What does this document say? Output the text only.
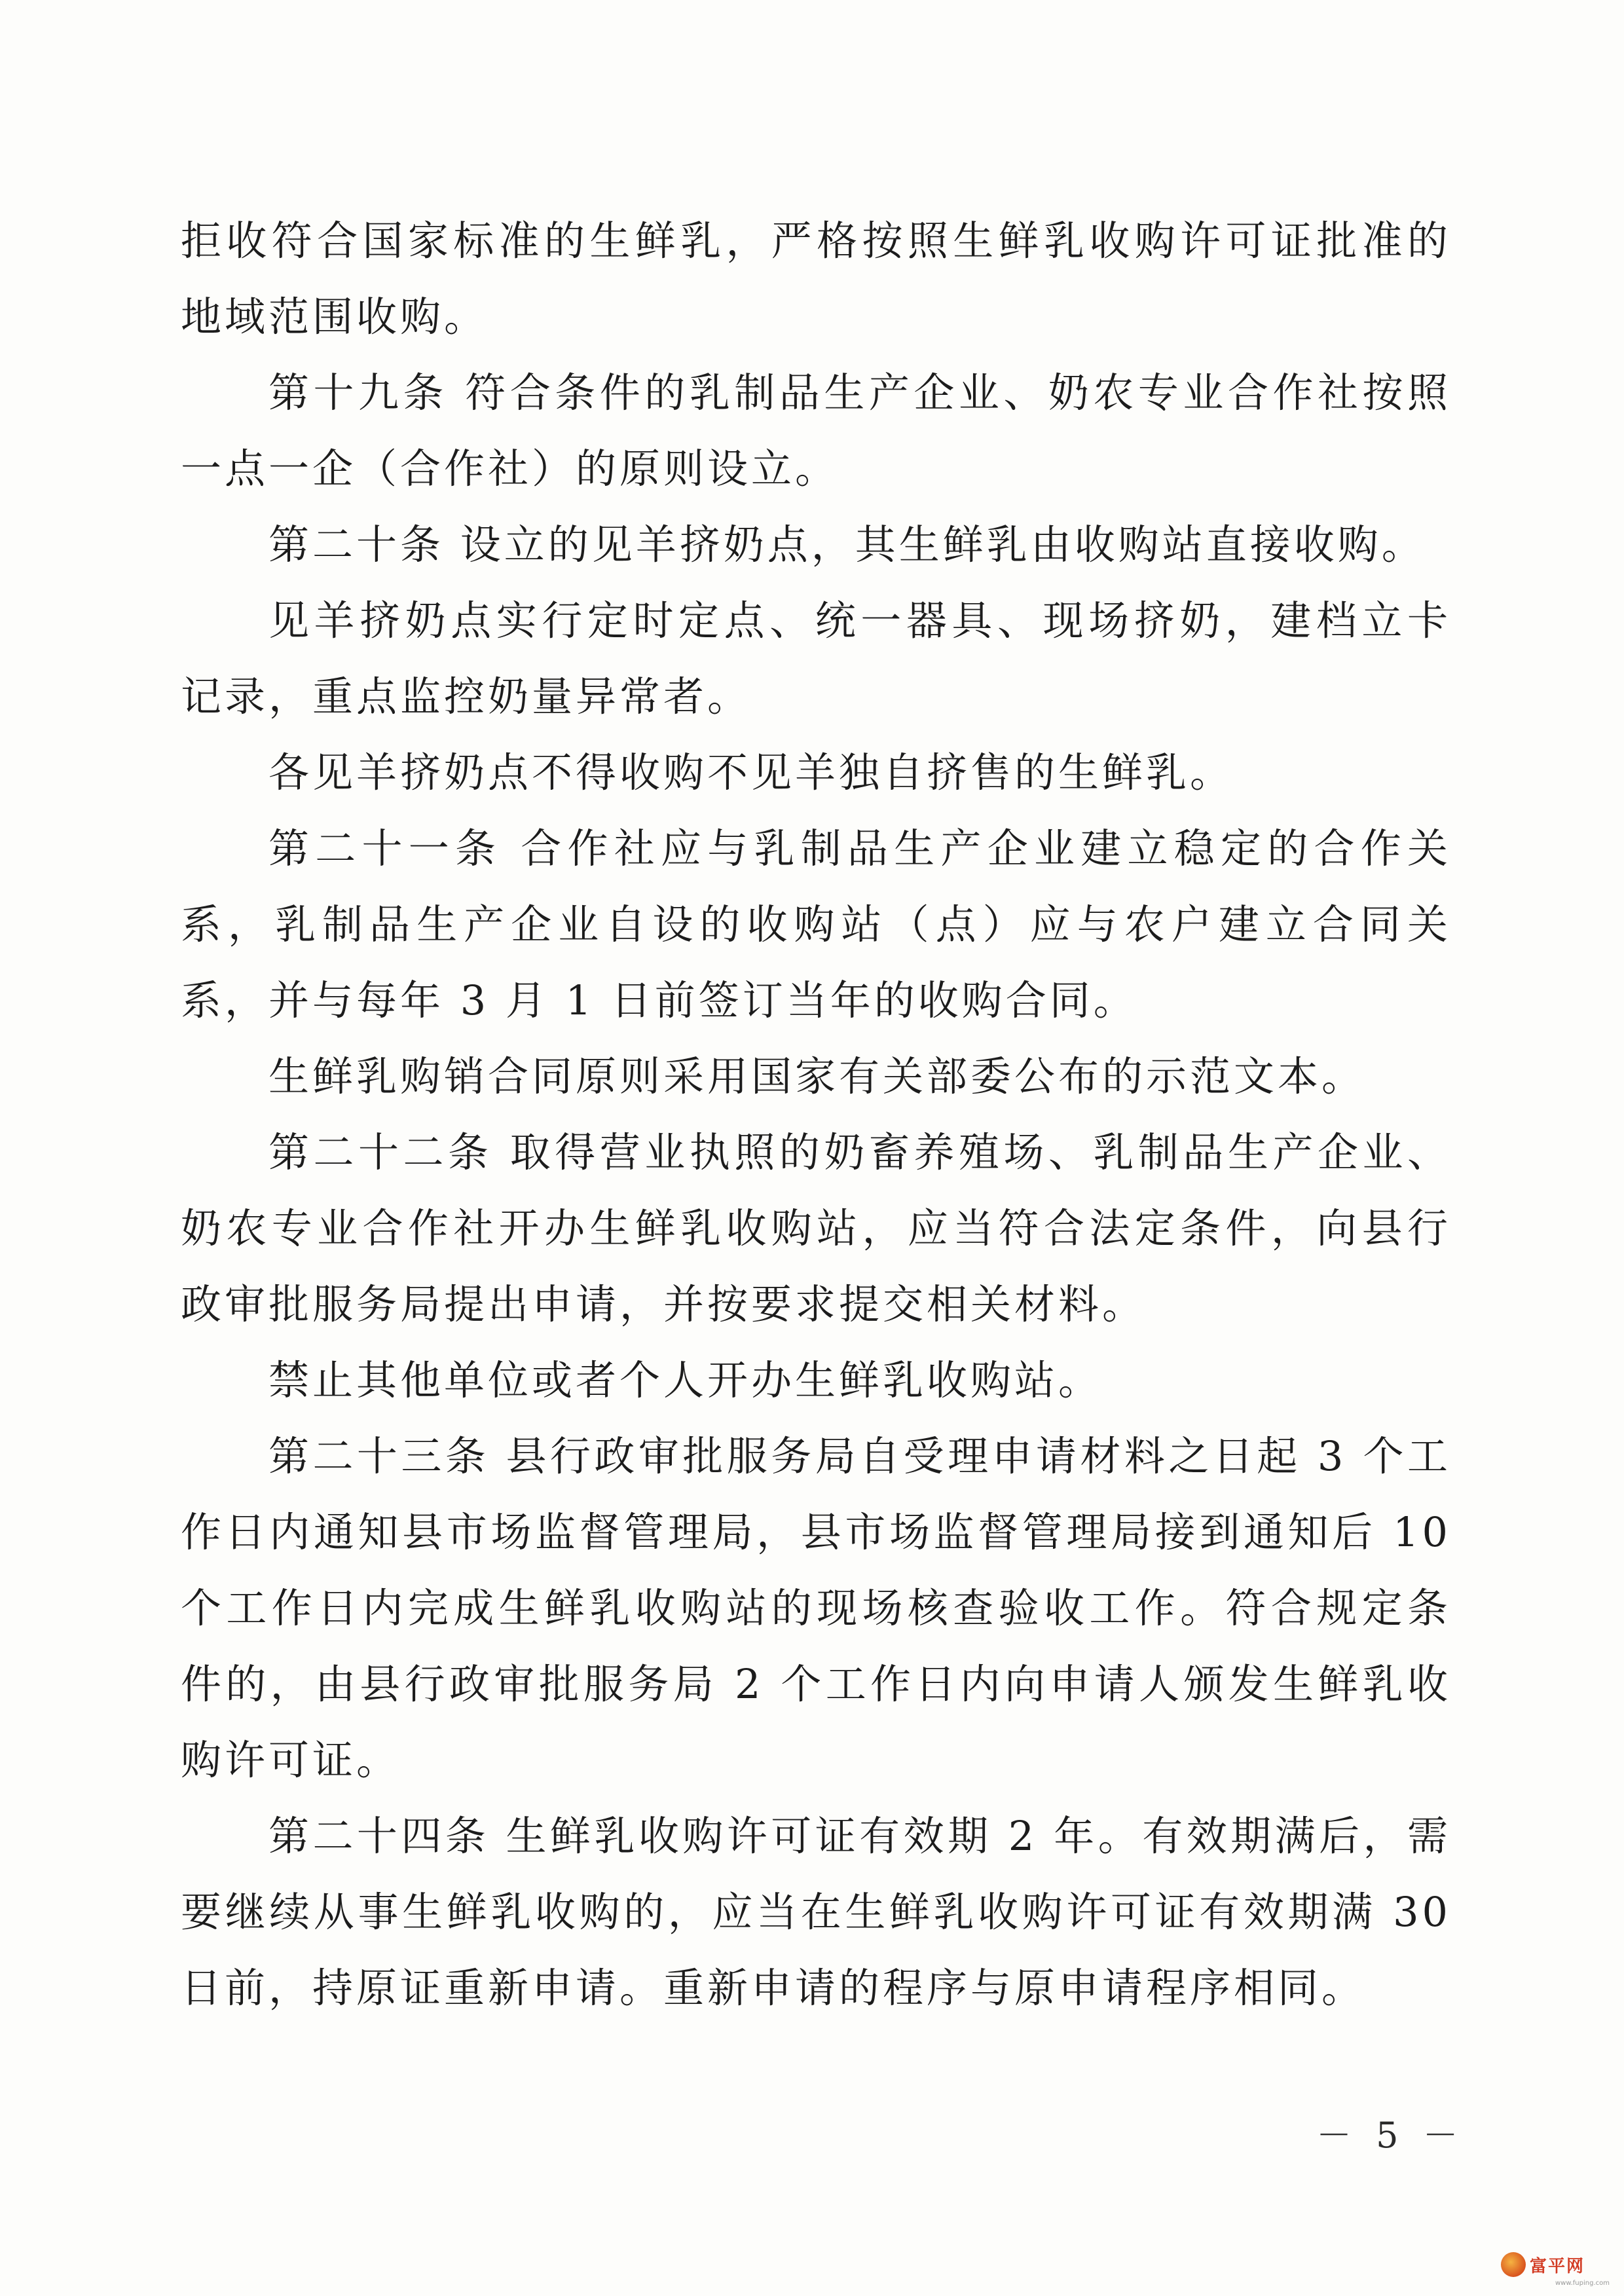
拒收符合国家标准的生鲜乳，严格按照生鲜乳收购许可证批准的地域范围收购。

第十九条 符合条件的乳制品生产企业、奶农专业合作社按照一点一企（合作社）的原则设立。

第二十条 设立的见羊挤奶点，其生鲜乳由收购站直接收购。

见羊挤奶点实行定时定点、统一器具、现场挤奶，建档立卡记录，重点监控奶量异常者。

各见羊挤奶点不得收购不见羊独自挤售的生鲜乳。

第二十一条 合作社应与乳制品生产企业建立稳定的合作关系，乳制品生产企业自设的收购站（点）应与农户建立合同关系，并与每年 3 月 1 日前签订当年的收购合同。

生鲜乳购销合同原则采用国家有关部委公布的示范文本。

第二十二条 取得营业执照的奶畜养殖场、乳制品生产企业、奶农专业合作社开办生鲜乳收购站，应当符合法定条件，向县行政审批服务局提出申请，并按要求提交相关材料。

禁止其他单位或者个人开办生鲜乳收购站。

第二十三条 县行政审批服务局自受理申请材料之日起 3 个工作日内通知县市场监督管理局，县市场监督管理局接到通知后 10 个工作日内完成生鲜乳收购站的现场核查验收工作。符合规定条件的，由县行政审批服务局 2 个工作日内向申请人颁发生鲜乳收购许可证。

第二十四条 生鲜乳收购许可证有效期 2 年。有效期满后，需要继续从事生鲜乳收购的，应当在生鲜乳收购许可证有效期满 30 日前，持原证重新申请。重新申请的程序与原申请程序相同。

－ 5 －
富平网
www.fuping.com
